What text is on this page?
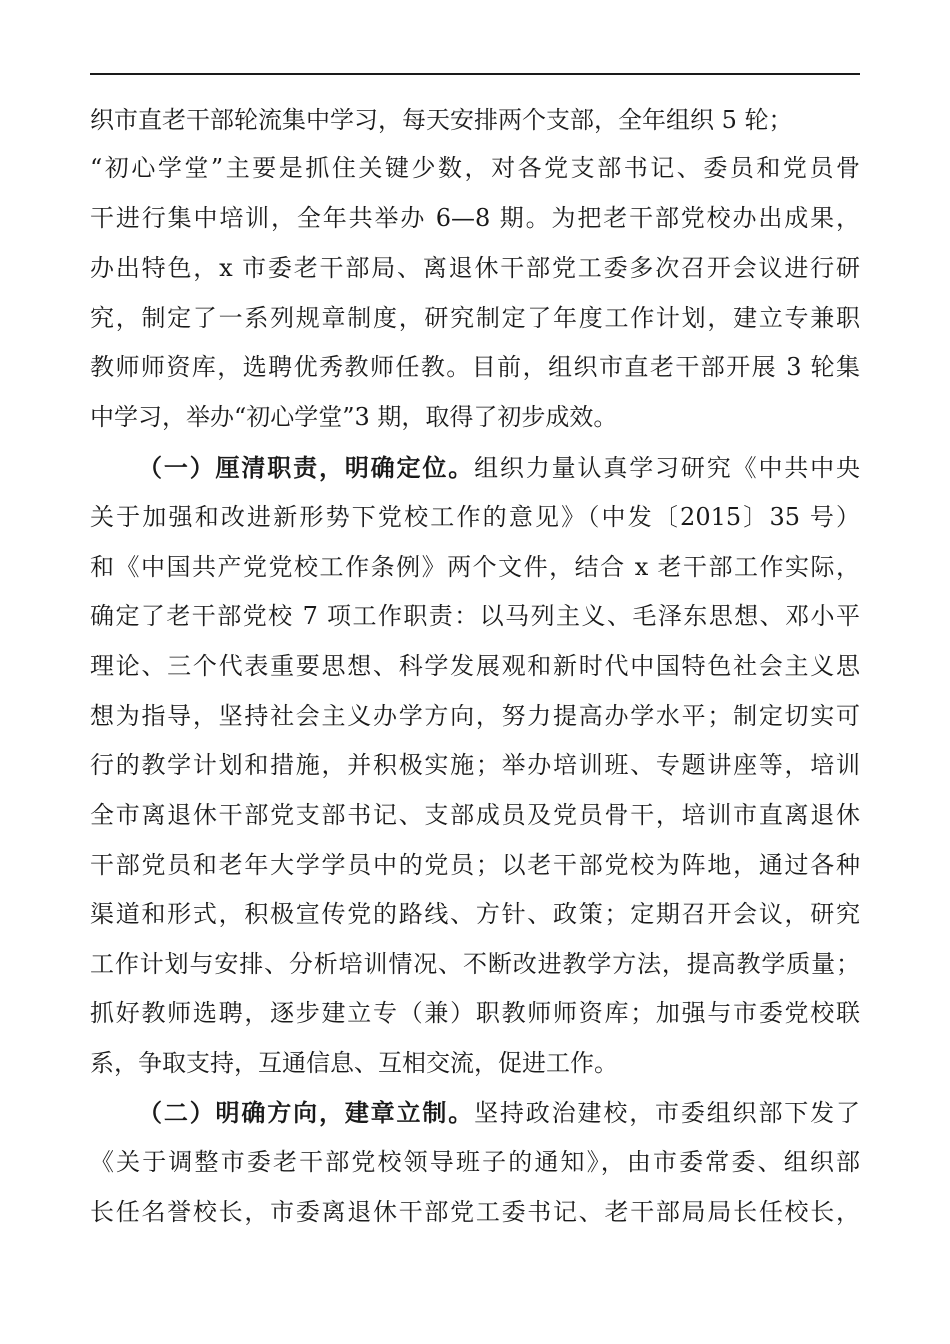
织市直老干部轮流集中学习，每天安排两个支部，全年组织 5 轮；
“初心学堂”主要是抓住关键少数，对各党支部书记、委员和党员骨
干进行集中培训，全年共举办 6—8 期。为把老干部党校办出成果，
办出特色，x 市委老干部局、离退休干部党工委多次召开会议进行研
究，制定了一系列规章制度，研究制定了年度工作计划，建立专兼职
教师师资库，选聘优秀教师任教。目前，组织市直老干部开展 3 轮集
中学习，举办“初心学堂”3 期，取得了初步成效。
（一）厘清职责，明确定位。组织力量认真学习研究《中共中央
关于加强和改进新形势下党校工作的意见》（中发〔2015〕35 号）
和《中国共产党党校工作条例》两个文件，结合 x 老干部工作实际，
确定了老干部党校 7 项工作职责：以马列主义、毛泽东思想、邓小平
理论、三个代表重要思想、科学发展观和新时代中国特色社会主义思
想为指导，坚持社会主义办学方向，努力提高办学水平；制定切实可
行的教学计划和措施，并积极实施；举办培训班、专题讲座等，培训
全市离退休干部党支部书记、支部成员及党员骨干，培训市直离退休
干部党员和老年大学学员中的党员；以老干部党校为阵地，通过各种
渠道和形式，积极宣传党的路线、方针、政策；定期召开会议，研究
工作计划与安排、分析培训情况、不断改进教学方法，提高教学质量；
抓好教师选聘，逐步建立专（兼）职教师师资库；加强与市委党校联
系，争取支持，互通信息、互相交流，促进工作。
（二）明确方向，建章立制。坚持政治建校，市委组织部下发了
《关于调整市委老干部党校领导班子的通知》，由市委常委、组织部
长任名誉校长，市委离退休干部党工委书记、老干部局局长任校长，
